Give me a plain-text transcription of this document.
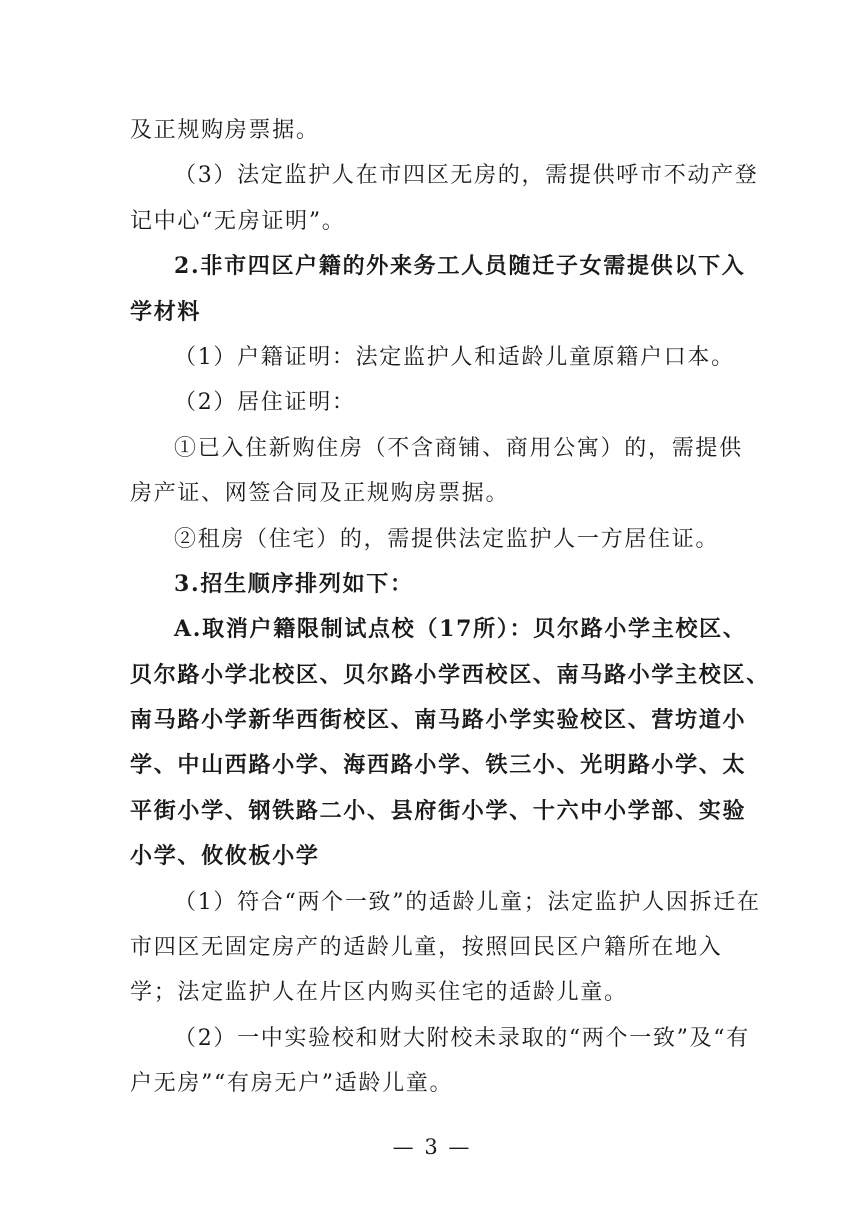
及正规购房票据。
（3）法定监护人在市四区无房的，需提供呼市不动产登
记中心“无房证明”。
2.非市四区户籍的外来务工人员随迁子女需提供以下入
学材料
（1）户籍证明：法定监护人和适龄儿童原籍户口本。
（2）居住证明：
①已入住新购住房（不含商铺、商用公寓）的，需提供
房产证、网签合同及正规购房票据。
②租房（住宅）的，需提供法定监护人一方居住证。
3.招生顺序排列如下：
A.取消户籍限制试点校（17所）：贝尔路小学主校区、
贝尔路小学北校区、贝尔路小学西校区、南马路小学主校区、
南马路小学新华西街校区、南马路小学实验校区、营坊道小
学、中山西路小学、海西路小学、铁三小、光明路小学、太
平街小学、钢铁路二小、县府街小学、十六中小学部、实验
小学、攸攸板小学
（1）符合“两个一致”的适龄儿童；法定监护人因拆迁在
市四区无固定房产的适龄儿童，按照回民区户籍所在地入
学；法定监护人在片区内购买住宅的适龄儿童。
（2）一中实验校和财大附校未录取的“两个一致”及“有
户无房”“有房无户”适龄儿童。
— 3 —
